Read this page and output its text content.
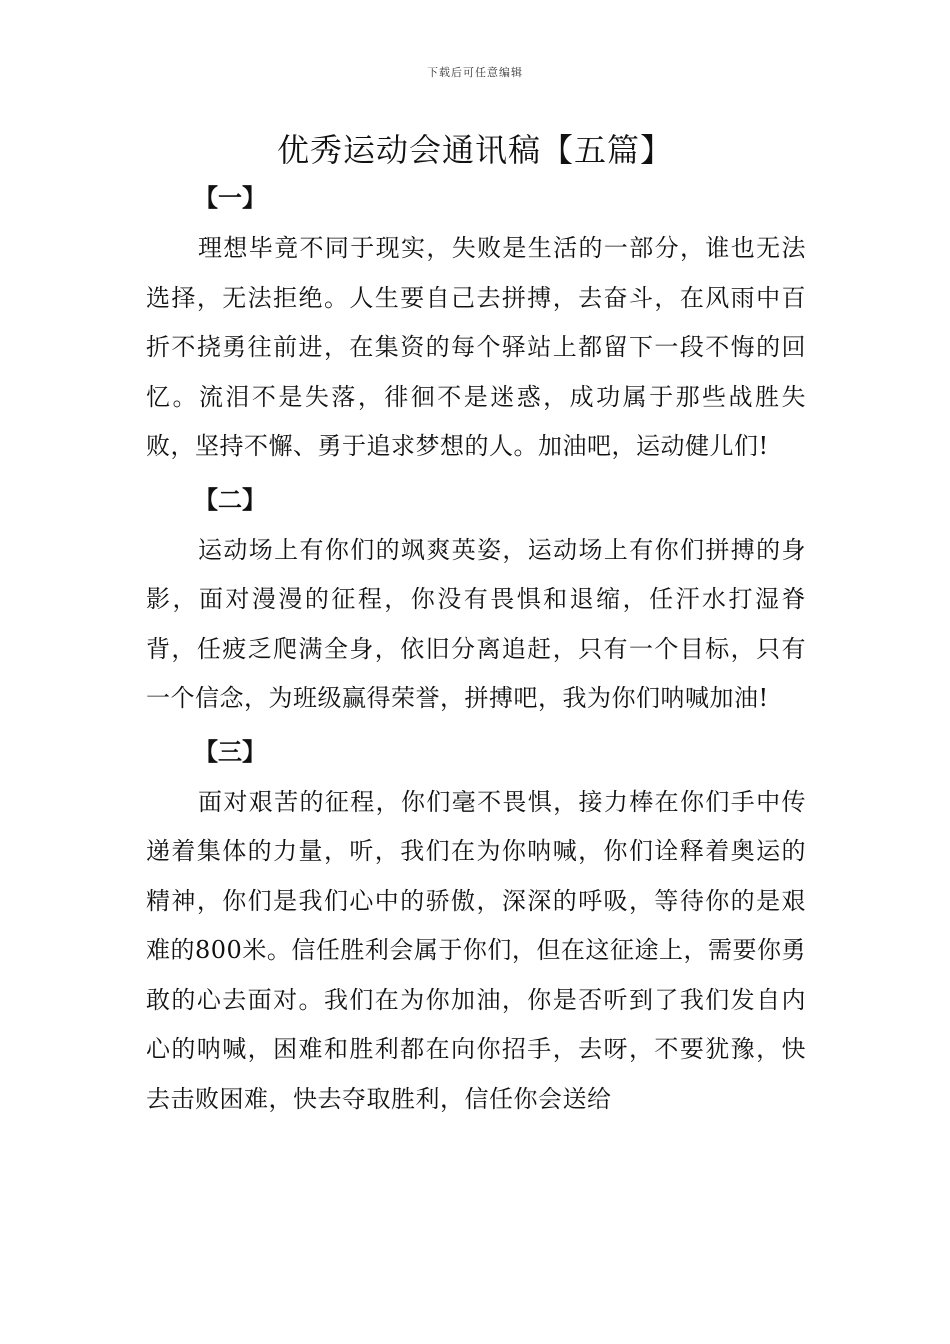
下载后可任意编辑
优秀运动会通讯稿【五篇】
【一】

理想毕竟不同于现实，失败是生活的一部分，谁也无法选择，无法拒绝。人生要自己去拼搏，去奋斗，在风雨中百折不挠勇往前进，在集资的每个驿站上都留下一段不悔的回忆。流泪不是失落，徘徊不是迷惑，成功属于那些战胜失败，坚持不懈、勇于追求梦想的人。加油吧，运动健儿们!

【二】

运动场上有你们的飒爽英姿，运动场上有你们拼搏的身影，面对漫漫的征程，你没有畏惧和退缩，任汗水打湿脊背，任疲乏爬满全身，依旧分离追赶，只有一个目标，只有一个信念，为班级赢得荣誉，拼搏吧，我为你们呐喊加油!

【三】

面对艰苦的征程，你们毫不畏惧，接力棒在你们手中传递着集体的力量，听，我们在为你呐喊，你们诠释着奥运的精神，你们是我们心中的骄傲，深深的呼吸，等待你的是艰难的800米。信任胜利会属于你们，但在这征途上，需要你勇敢的心去面对。我们在为你加油，你是否听到了我们发自内心的呐喊，困难和胜利都在向你招手，去呀，不要犹豫，快去击败困难，快去夺取胜利，信任你会送给
